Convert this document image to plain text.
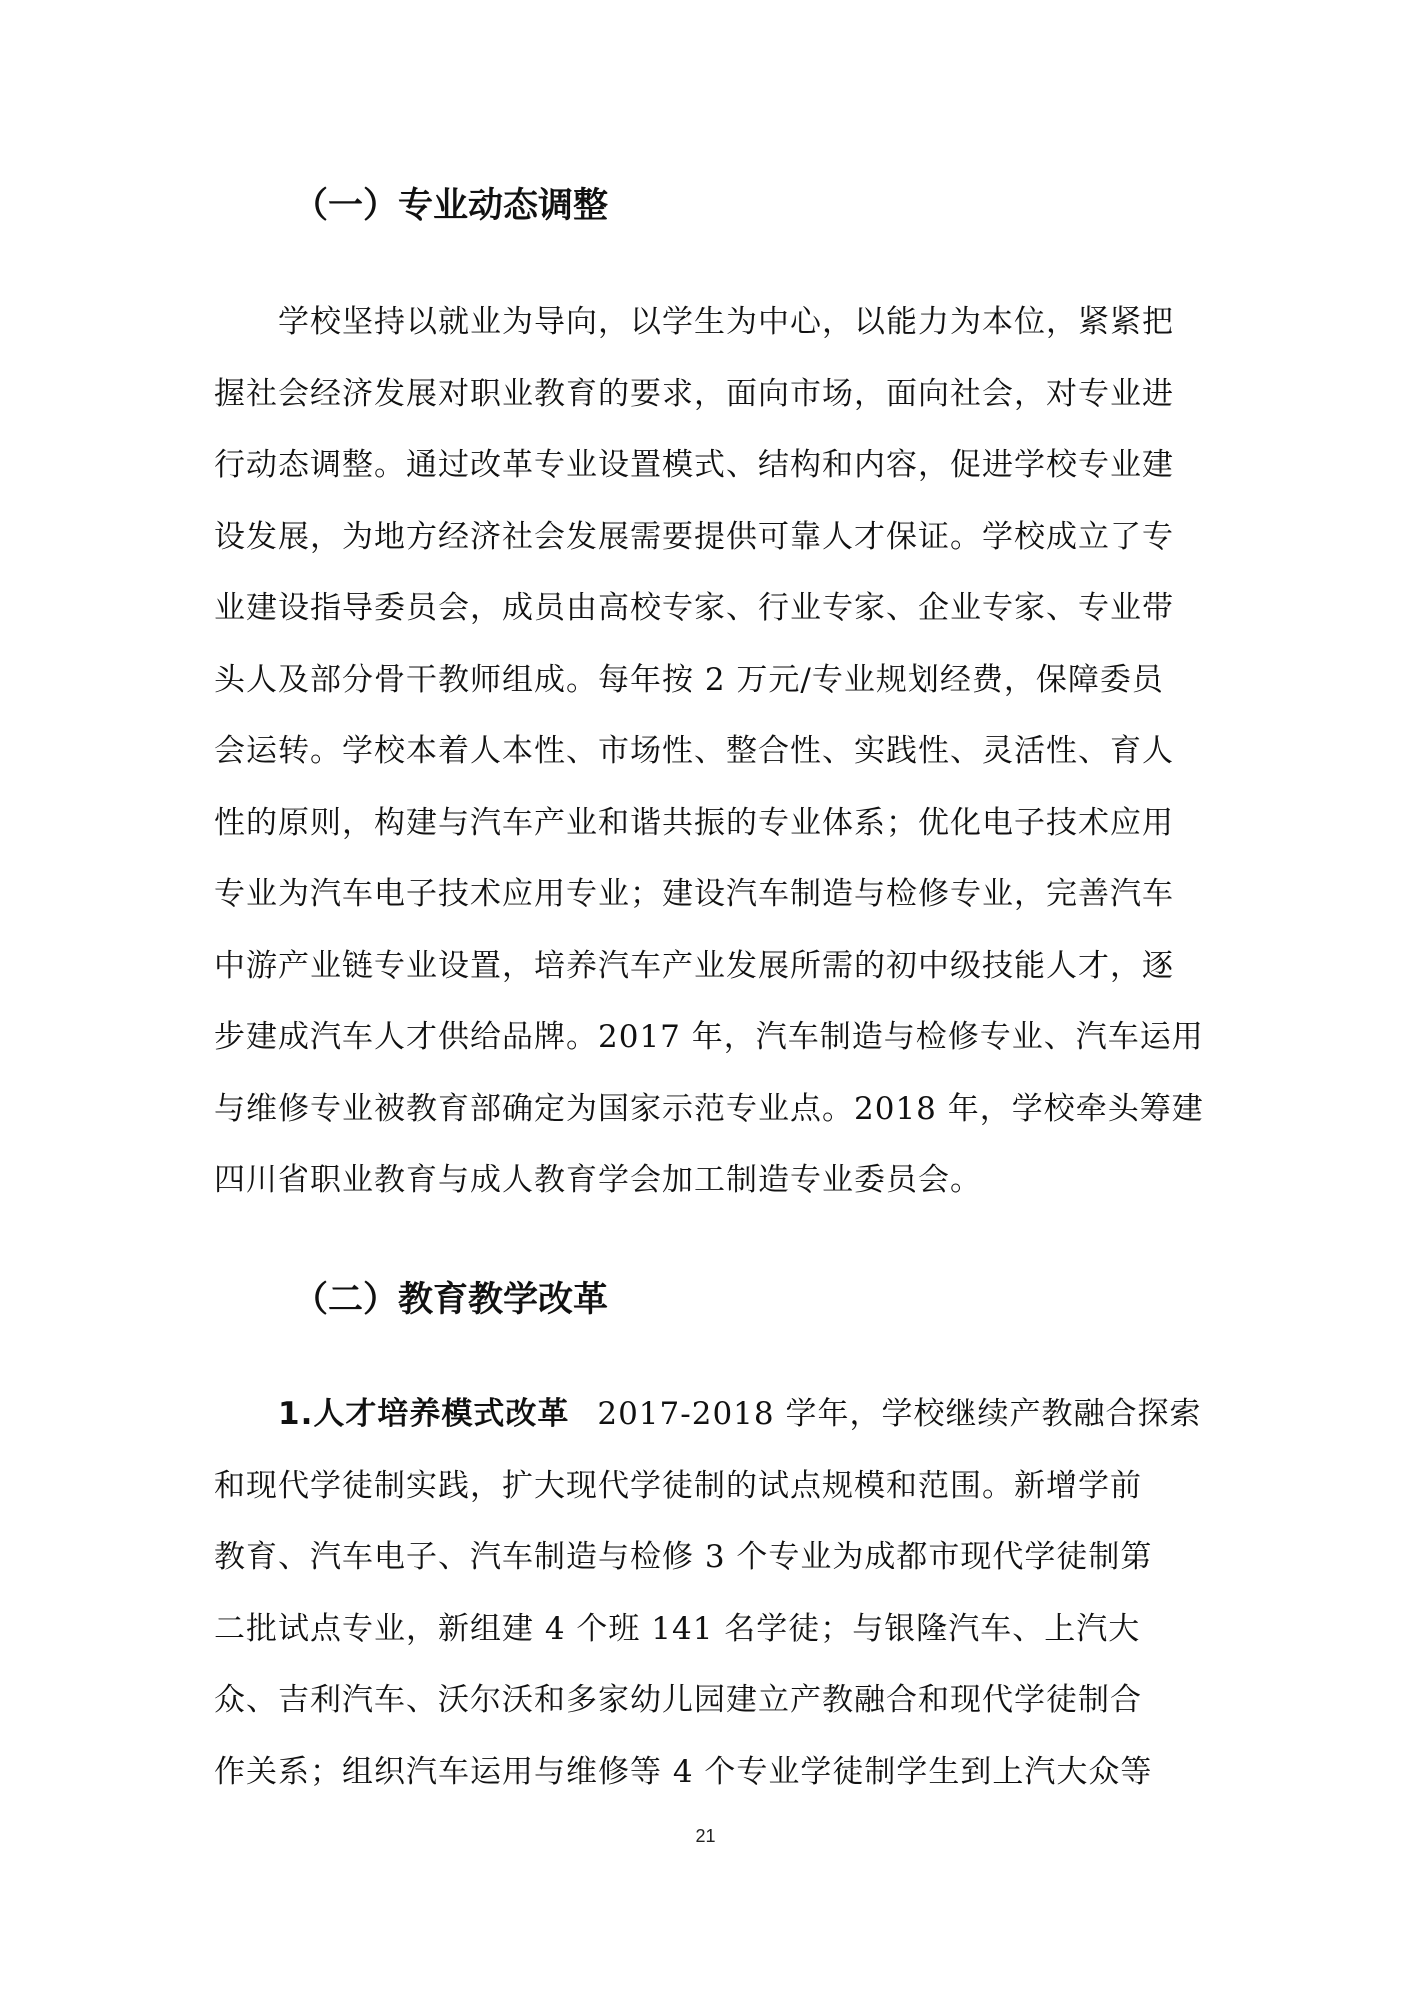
（一）专业动态调整
学校坚持以就业为导向，以学生为中心，以能力为本位，紧紧把
握社会经济发展对职业教育的要求，面向市场，面向社会，对专业进
行动态调整。通过改革专业设置模式、结构和内容，促进学校专业建
设发展，为地方经济社会发展需要提供可靠人才保证。学校成立了专
业建设指导委员会，成员由高校专家、行业专家、企业专家、专业带
头人及部分骨干教师组成。每年按 2 万元/专业规划经费，保障委员
会运转。学校本着人本性、市场性、整合性、实践性、灵活性、育人
性的原则，构建与汽车产业和谐共振的专业体系；优化电子技术应用
专业为汽车电子技术应用专业；建设汽车制造与检修专业，完善汽车
中游产业链专业设置，培养汽车产业发展所需的初中级技能人才，逐
步建成汽车人才供给品牌。2017 年，汽车制造与检修专业、汽车运用
与维修专业被教育部确定为国家示范专业点。2018 年，学校牵头筹建
四川省职业教育与成人教育学会加工制造专业委员会。
（二）教育教学改革
1.人才培养模式改革 2017-2018 学年，学校继续产教融合探索
和现代学徒制实践，扩大现代学徒制的试点规模和范围。新增学前
教育、汽车电子、汽车制造与检修 3 个专业为成都市现代学徒制第
二批试点专业，新组建 4 个班 141 名学徒；与银隆汽车、上汽大
众、吉利汽车、沃尔沃和多家幼儿园建立产教融合和现代学徒制合
作关系；组织汽车运用与维修等 4 个专业学徒制学生到上汽大众等
21
